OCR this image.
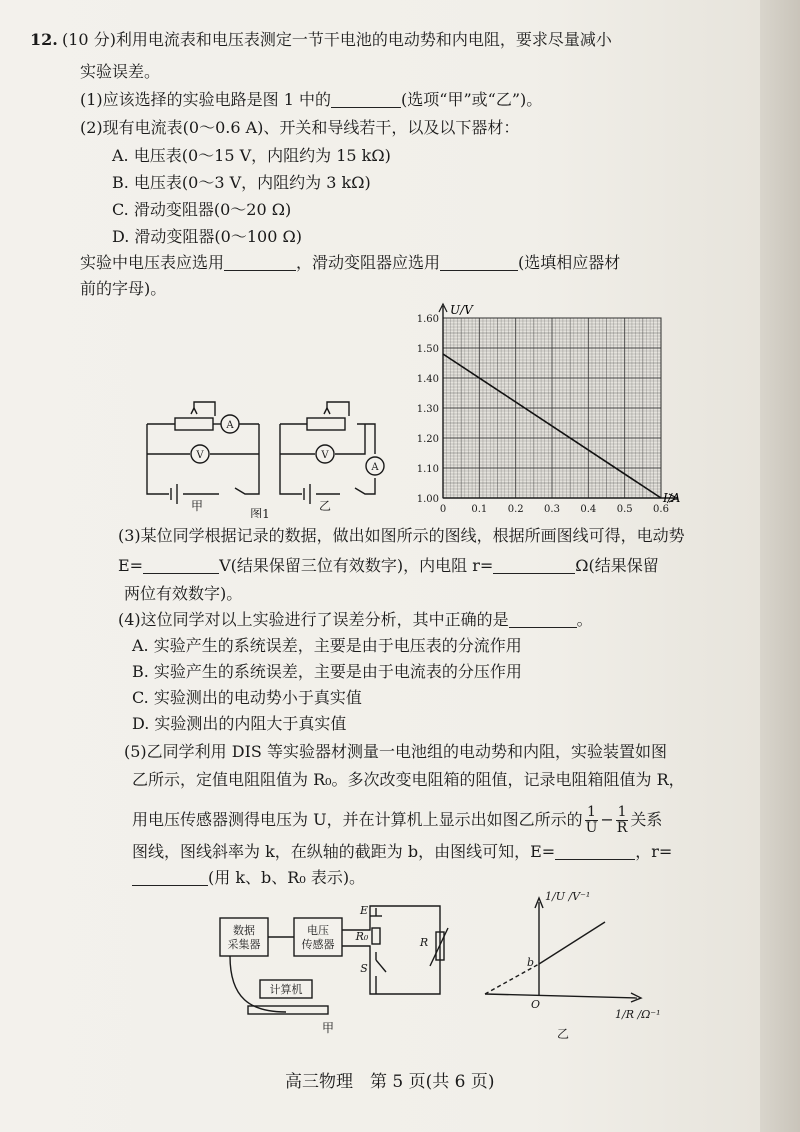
12. (10 分)利用电流表和电压表测定一节干电池的电动势和内电阻，要求尽量减小
实验误差。
(1)应该选择的实验电路是图 1 中的	(选项“甲”或“乙”)。
(2)现有电流表(0～0.6 A)、开关和导线若干，以及以下器材：
A. 电压表(0～15 V，内阻约为 15 kΩ)
B. 电压表(0～3 V，内阻约为 3 kΩ)
C. 滑动变阻器(0～20 Ω)
D. 滑动变阻器(0～100 Ω)
实验中电压表应选用	，滑动变阻器应选用	(选填相应器材
前的字母)。
A
V	V
A
甲	乙
图1	0	0.1 0.2 0.3 0.4 0.5 0.6
1.00
1.10
1.20
1.30
1.40
1.50
1.60
U/V
I/A
(3)某位同学根据记录的数据，做出如图所示的图线，根据所画图线可得，电动势
E=	V(结果保留三位有效数字)，内电阻 r=	Ω(结果保留
两位有效数字)。
(4)这位同学对以上实验进行了误差分析，其中正确的是	。
A. 实验产生的系统误差，主要是由于电压表的分流作用
B. 实验产生的系统误差，主要是由于电流表的分压作用
C. 实验测出的电动势小于真实值
D. 实验测出的内阻大于真实值
(5)乙同学利用 DIS 等实验器材测量一电池组的电动势和内阻，实验装置如图
乙所示，定值电阻阻值为 R₀。多次改变电阻箱的阻值，记录电阻箱阻值为 R，
用电压传感器测得电压为 U，并在计算机上显示出如图乙所示的 $\frac{1}{U} - \frac{1}{R}$ 关系
图线，图线斜率为 k，在纵轴的截距为 b，由图线可知，E=	，r=
(用 k、b、R₀ 表示)。
数据
采集器
电压
传感器
计算机
E
R₀
S
R
甲
1/U /V⁻¹
1/R /Ω⁻¹
O
b
乙
高三物理　第 5 页(共 6 页)
